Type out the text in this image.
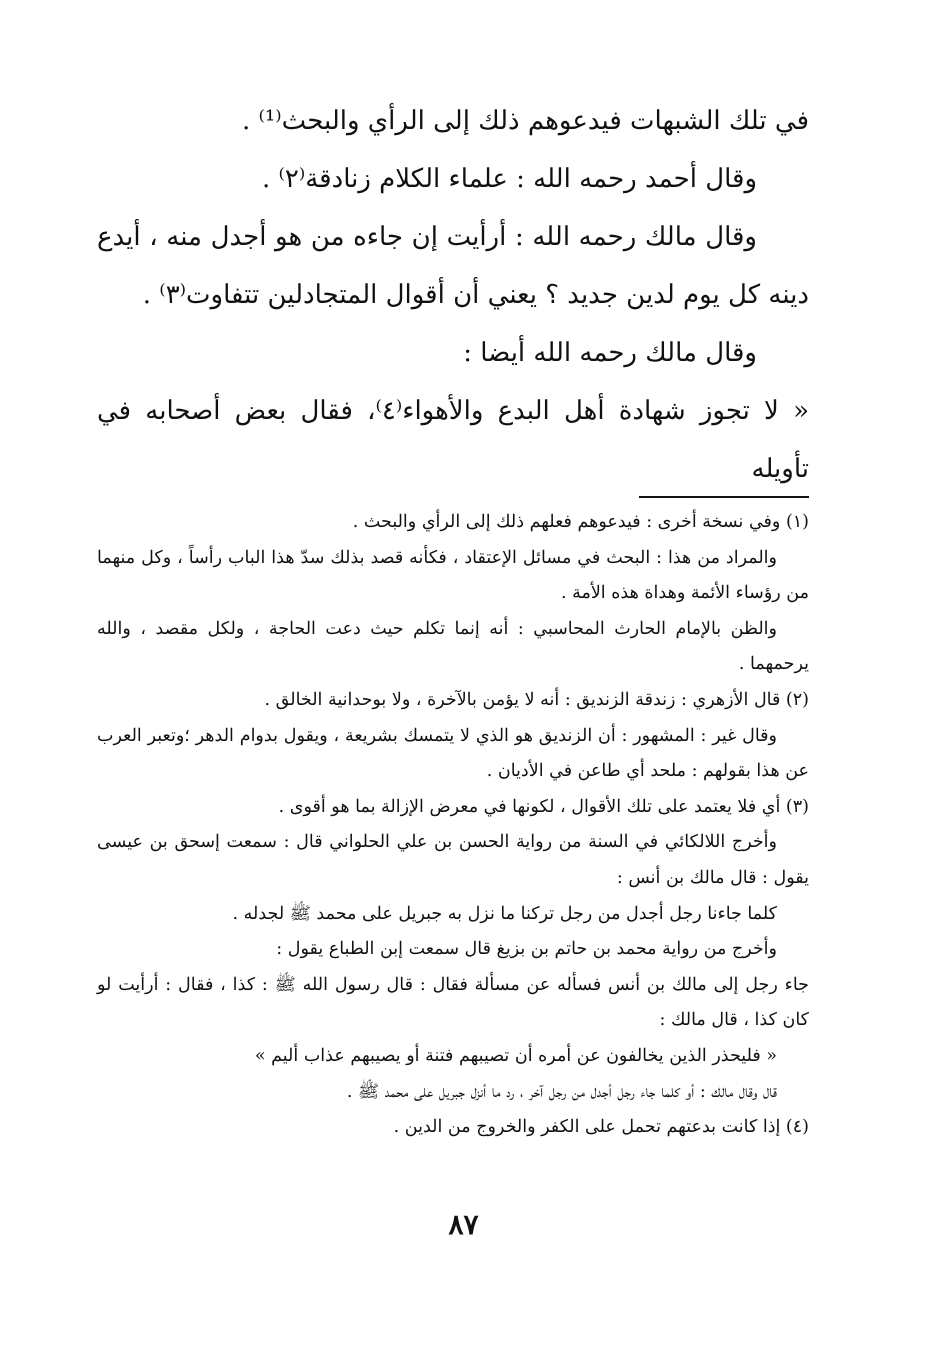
في تلك الشبهات فيدعوهم ذلك إلى الرأي والبحث⁽¹⁾ .

وقال أحمد رحمه الله : علماء الكلام زنادقة⁽٢⁾ .

وقال مالك رحمه الله : أرأيت إن جاءه من هو أجدل منه ، أيدع دينه كل يوم لدين جديد ؟ يعني أن أقوال المتجادلين تتفاوت⁽٣⁾ .

وقال مالك رحمه الله أيضا :

« لا تجوز شهادة أهل البدع والأهواء⁽٤⁾، فقال بعض أصحابه في تأويله

(١) وفي نسخة أخرى : فيدعوهم فعلهم ذلك إلى الرأي والبحث .

والمراد من هذا : البحث في مسائل الإعتقاد ، فكأنه قصد بذلك سدّ هذا الباب رأساً ، وكل منهما من رؤساء الأئمة وهداة هذه الأمة .

والظن بالإمام الحارث المحاسبي : أنه إنما تكلم حيث دعت الحاجة ، ولكل مقصد ، والله يرحمهما .

(٢) قال الأزهري : زندقة الزنديق : أنه لا يؤمن بالآخرة ، ولا بوحدانية الخالق .

وقال غير : المشهور : أن الزنديق هو الذي لا يتمسك بشريعة ، ويقول بدوام الدهر ؛وتعبر العرب عن هذا بقولهم : ملحد أي طاعن في الأديان .

(٣) أي فلا يعتمد على تلك الأقوال ، لكونها في معرض الإزالة بما هو أقوى .

وأخرج اللالكائي في السنة من رواية الحسن بن علي الحلواني قال : سمعت إسحق بن عيسى يقول : قال مالك بن أنس :

كلما جاءنا رجل أجدل من رجل تركنا ما نزل به جبريل على محمد ﷺ لجدله .

وأخرج من رواية محمد بن حاتم بن بزيغ قال سمعت إبن الطباع يقول :

جاء رجل إلى مالك بن أنس فسأله عن مسألة فقال : قال رسول الله ﷺ : كذا ، فقال : أرأيت لو كان كذا ، قال مالك :

« فليحذر الذين يخالفون عن أمره أن تصيبهم فتنة أو يصيبهم عذاب أليم »

قال وقال مالك : أو كلما جاء رجل أجدل من رجل آخر ، رد ما أنزل جبريل على محمد ﷺ .

(٤) إذا كانت بدعتهم تحمل على الكفر والخروج من الدين .

٨٧
